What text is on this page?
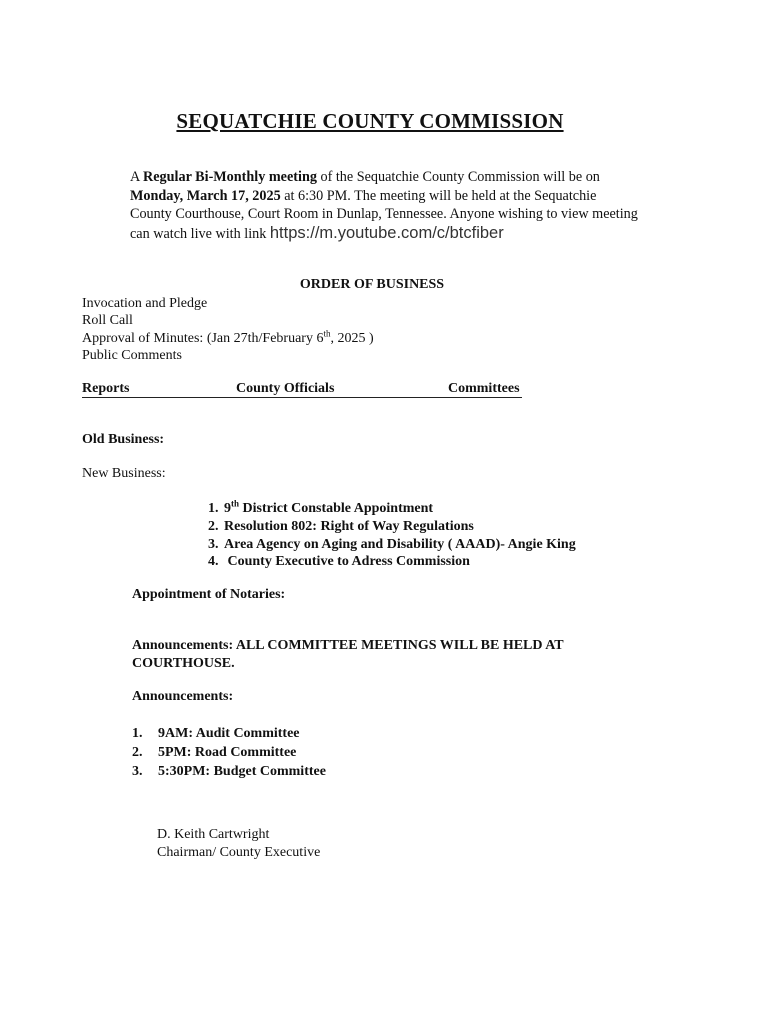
SEQUATCHIE COUNTY COMMISSION
A Regular Bi-Monthly meeting of the Sequatchie County Commission will be on
Monday, March 17, 2025 at 6:30 PM. The meeting will be held at the Sequatchie
County Courthouse, Court Room in Dunlap, Tennessee. Anyone wishing to view meeting
can watch live with link https://m.youtube.com/c/btcfiber
ORDER OF BUSINESS
Invocation and Pledge
Roll Call
Approval of Minutes: (Jan 27th/February 6th, 2025 )
Public Comments
Reports	County Officials	Committees
Old Business:
New Business:
1. 9th District Constable Appointment
2. Resolution 802: Right of Way Regulations
3. Area Agency on Aging and Disability ( AAAD)- Angie King
4. County Executive to Adress Commission
Appointment of Notaries:
Announcements: ALL COMMITTEE MEETINGS WILL BE HELD AT
COURTHOUSE.
Announcements:
1. 9AM: Audit Committee
2. 5PM: Road Committee
3. 5:30PM: Budget Committee
D. Keith Cartwright
Chairman/ County Executive
